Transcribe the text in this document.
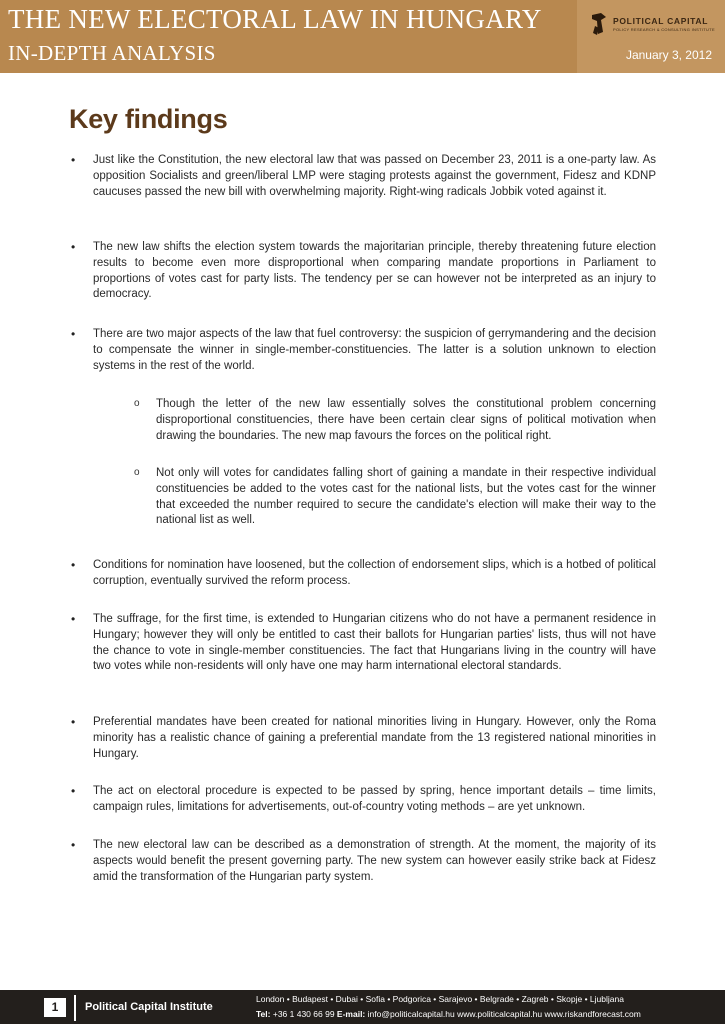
THE NEW ELECTORAL LAW IN HUNGARY
IN-DEPTH ANALYSIS
POLITICAL CAPITAL
POLICY RESEARCH & CONSULTING INSTITUTE
January 3, 2012
Key findings
• Just like the Constitution, the new electoral law that was passed on December 23, 2011 is a one-party law. As opposition Socialists and green/liberal LMP were staging protests against the government, Fidesz and KDNP caucuses passed the new bill with overwhelming majority. Right-wing radicals Jobbik voted against it.
• The new law shifts the election system towards the majoritarian principle, thereby threatening future election results to become even more disproportional when comparing mandate proportions in Parliament to proportions of votes cast for party lists. The tendency per se can however not be interpreted as an injury to democracy.
• There are two major aspects of the law that fuel controversy: the suspicion of gerrymandering and the decision to compensate the winner in single-member-constituencies. The latter is a solution unknown to election systems in the rest of the world.
o Though the letter of the new law essentially solves the constitutional problem concerning disproportional constituencies, there have been certain clear signs of political motivation when drawing the boundaries. The new map favours the forces on the political right.
o Not only will votes for candidates falling short of gaining a mandate in their respective individual constituencies be added to the votes cast for the national lists, but the votes cast for the winner that exceeded the number required to secure the candidate's election will make their way to the national list as well.
• Conditions for nomination have loosened, but the collection of endorsement slips, which is a hotbed of political corruption, eventually survived the reform process.
• The suffrage, for the first time, is extended to Hungarian citizens who do not have a permanent residence in Hungary; however they will only be entitled to cast their ballots for Hungarian parties' lists, thus will not have the chance to vote in single-member constituencies. The fact that Hungarians living in the country will have two votes while non-residents will only have one may harm international electoral standards.
• Preferential mandates have been created for national minorities living in Hungary. However, only the Roma minority has a realistic chance of gaining a preferential mandate from the 13 registered national minorities in Hungary.
• The act on electoral procedure is expected to be passed by spring, hence important details – time limits, campaign rules, limitations for advertisements, out-of-country voting methods – are yet unknown.
• The new electoral law can be described as a demonstration of strength. At the moment, the majority of its aspects would benefit the present governing party. The new system can however easily strike back at Fidesz amid the transformation of the Hungarian party system.
1	Political Capital Institute
London • Budapest • Dubai • Sofia • Podgorica • Sarajevo • Belgrade • Zagreb • Skopje • Ljubljana
Tel: +36 1 430 66 99 E-mail: info@politicalcapital.hu www.politicalcapital.hu www.riskandforecast.com
